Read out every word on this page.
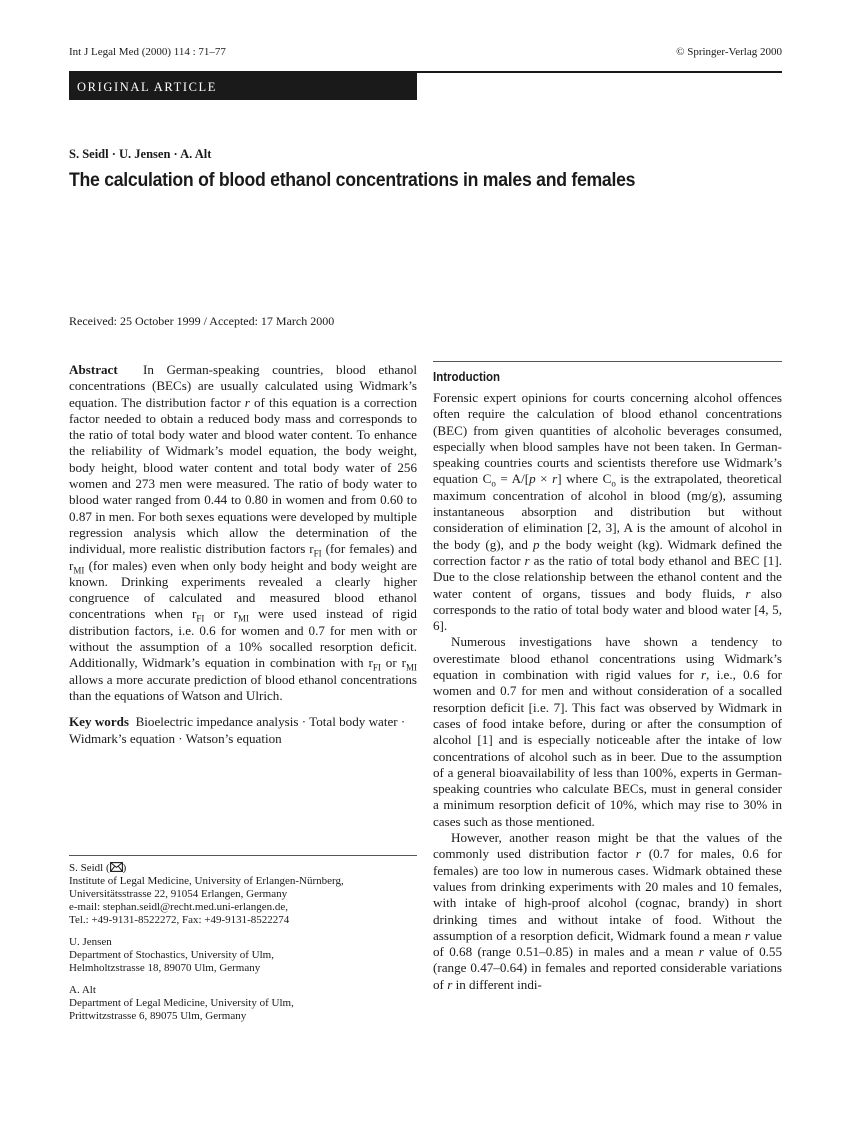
Int J Legal Med (2000) 114 : 71–77	© Springer-Verlag 2000
ORIGINAL ARTICLE
S. Seidl · U. Jensen · A. Alt
The calculation of blood ethanol concentrations in males and females
Received: 25 October 1999 / Accepted: 17 March 2000

Abstract In German-speaking countries, blood ethanol concentrations (BECs) are usually calculated using Widmark’s equation. The distribution factor r of this equation is a correction factor needed to obtain a reduced body mass and corresponds to the ratio of total body water and blood water content. To enhance the reliability of Widmark’s model equation, the body weight, body height, blood water content and total body water of 256 women and 273 men were measured. The ratio of body water to blood water ranged from 0.44 to 0.80 in women and from 0.60 to 0.87 in men. For both sexes equations were developed by multiple regression analysis which allow the determination of the individual, more realistic distribution factors $r_{FI}$ (for females) and $r_{MI}$ (for males) even when only body height and body weight are known. Drinking experiments revealed a clearly higher congruence of calculated and measured blood ethanol concentrations when $r_{FI}$ or $r_{MI}$ were used instead of rigid distribution factors, i.e. 0.6 for women and 0.7 for men with or without the assumption of a 10% socalled resorption deficit. Additionally, Widmark’s equation in combination with $r_{FI}$ or $r_{MI}$ allows a more accurate prediction of blood ethanol concentrations than the equations of Watson and Ulrich.

Key words Bioelectric impedance analysis · Total body water · Widmark’s equation · Watson’s equation

S. Seidl ( )
Institute of Legal Medicine, University of Erlangen-Nürnberg,
Universitätsstrasse 22, 91054 Erlangen, Germany
e-mail: stephan.seidl@recht.med.uni-erlangen.de,
Tel.: +49-9131-8522272, Fax: +49-9131-8522274
U. Jensen
Department of Stochastics, University of Ulm,
Helmholtzstrasse 18, 89070 Ulm, Germany
A. Alt
Department of Legal Medicine, University of Ulm,
Prittwitzstrasse 6, 89075 Ulm, Germany
Introduction

Forensic expert opinions for courts concerning alcohol offences often require the calculation of blood ethanol concentrations (BEC) from given quantities of alcoholic beverages consumed, especially when blood samples have not been taken. In German-speaking countries courts and scientists therefore use Widmark’s equation $C_o = A/[p \times r]$ where $C_o$ is the extrapolated, theoretical maximum concentration of alcohol in blood (mg/g), assuming instantaneous absorption and distribution but without consideration of elimination [2, 3], A is the amount of alcohol in the body (g), and p the body weight (kg). Widmark defined the correction factor r as the ratio of total body ethanol and BEC [1]. Due to the close relationship between the ethanol content and the water content of organs, tissues and body fluids, r also corresponds to the ratio of total body water and blood water [4, 5, 6].

Numerous investigations have shown a tendency to overestimate blood ethanol concentrations using Widmark’s equation in combination with rigid values for r, i.e., 0.6 for women and 0.7 for men and without consideration of a socalled resorption deficit [i.e. 7]. This fact was observed by Widmark in cases of food intake before, during or after the consumption of alcohol [1] and is especially noticeable after the intake of low concentrations of alcohol such as in beer. Due to the assumption of a general bioavailability of less than 100%, experts in German-speaking countries who calculate BECs, must in general consider a minimum resorption deficit of 10%, which may rise to 30% in cases such as those mentioned.

However, another reason might be that the values of the commonly used distribution factor r (0.7 for males, 0.6 for females) are too low in numerous cases. Widmark obtained these values from drinking experiments with 20 males and 10 females, with intake of high-proof alcohol (cognac, brandy) in short drinking times and without intake of food. Without the assumption of a resorption deficit, Widmark found a mean r value of 0.68 (range 0.51–0.85) in males and a mean r value of 0.55 (range 0.47–0.64) in females and reported considerable variations of r in different indi-
